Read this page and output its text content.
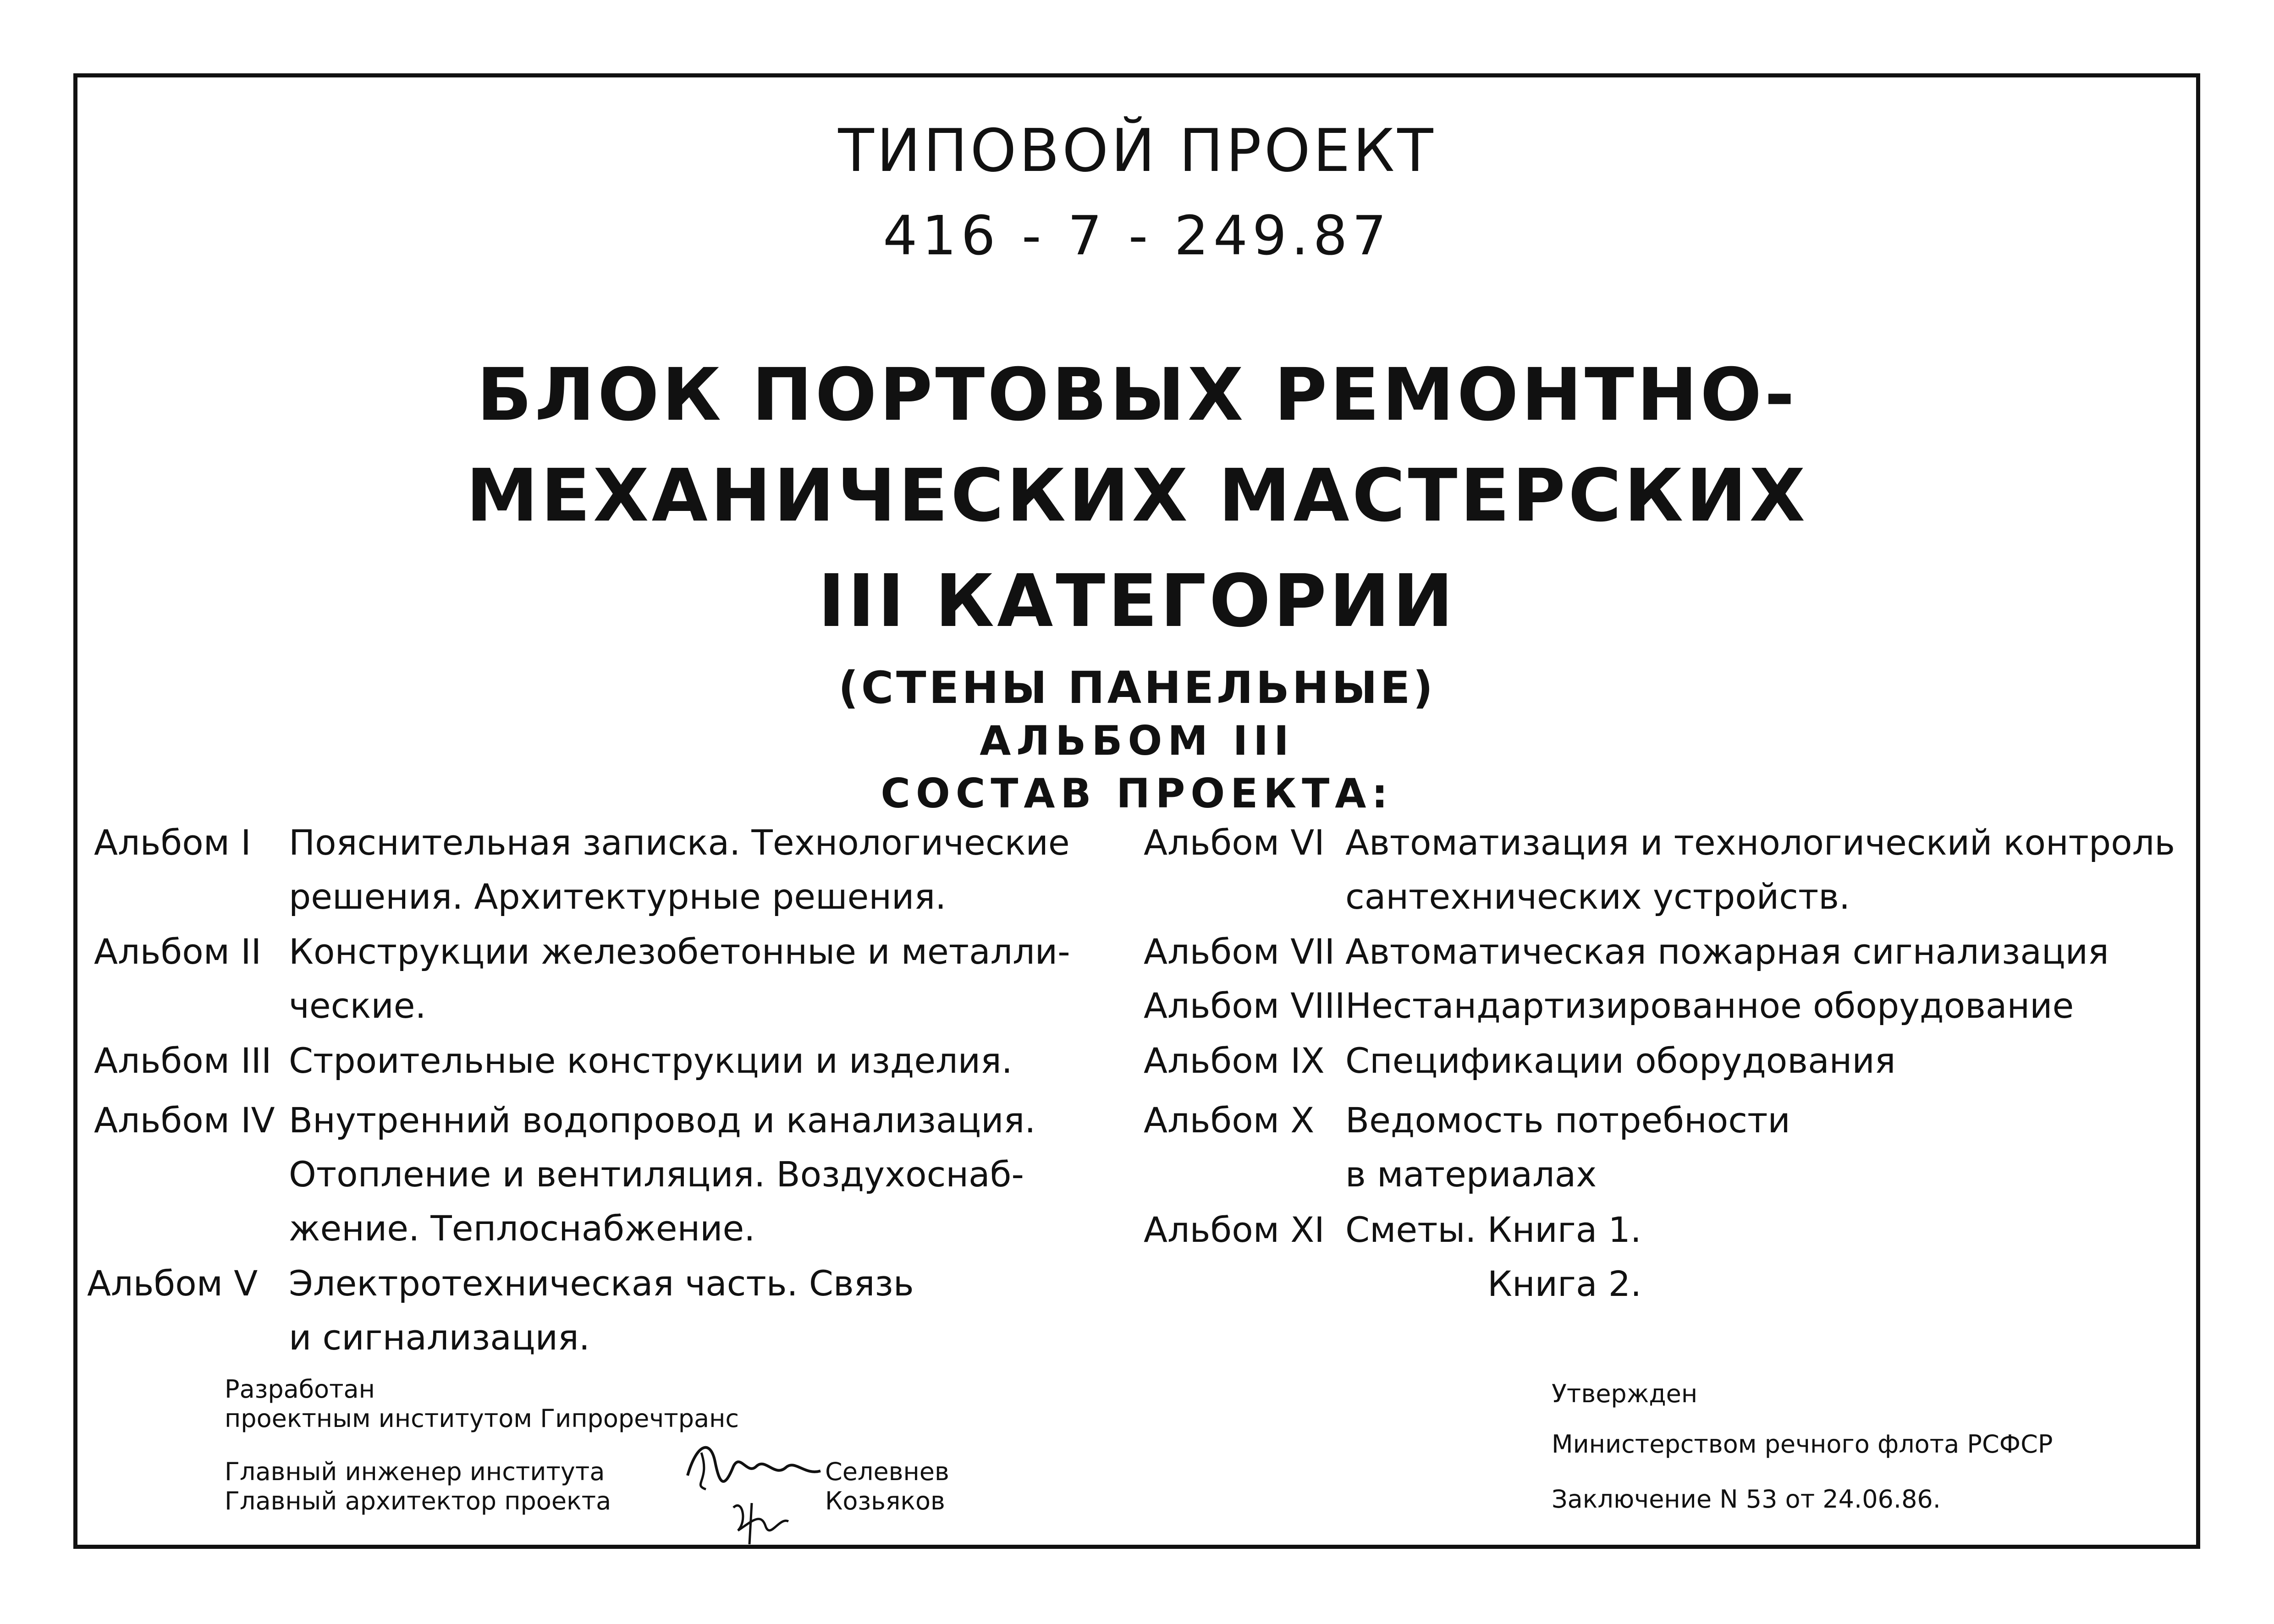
ТИПОВОЙ ПРОЕКТ
416 - 7 - 249.87
БЛОК ПОРТОВЫХ РЕМОНТНО-
МЕХАНИЧЕСКИХ МАСТЕРСКИХ
III КАТЕГОРИИ
(СТЕНЫ ПАНЕЛЬНЫЕ)
АЛЬБОМ III
СОСТАВ ПРОЕКТА:
Альбом I Пояснительная записка. Технологические
решения. Архитектурные решения.
Альбом II Конструкции железобетонные и металли-
ческие.
Альбом III Строительные конструкции и изделия.
Альбом IV Внутренний водопровод и канализация.
Отопление и вентиляция. Воздухоснаб-
жение. Теплоснабжение.
Альбом V Электротехническая часть. Связь
и сигнализация.
Альбом VI Автоматизация и технологический контроль
сантехнических устройств.
Альбом VII Автоматическая пожарная сигнализация
Альбом VIII Нестандартизированное оборудование
Альбом IX Спецификации оборудования
Альбом X Ведомость потребности
в материалах
Альбом XI Сметы. Книга 1.
Книга 2.
Разработан
проектным институтом Гипроречтранс
Главный инженер института	Селевнев
Главный архитектор проекта	Козьяков
Утвержден
Министерством речного флота РСФСР
Заключение N 53 от 24.06.86.
